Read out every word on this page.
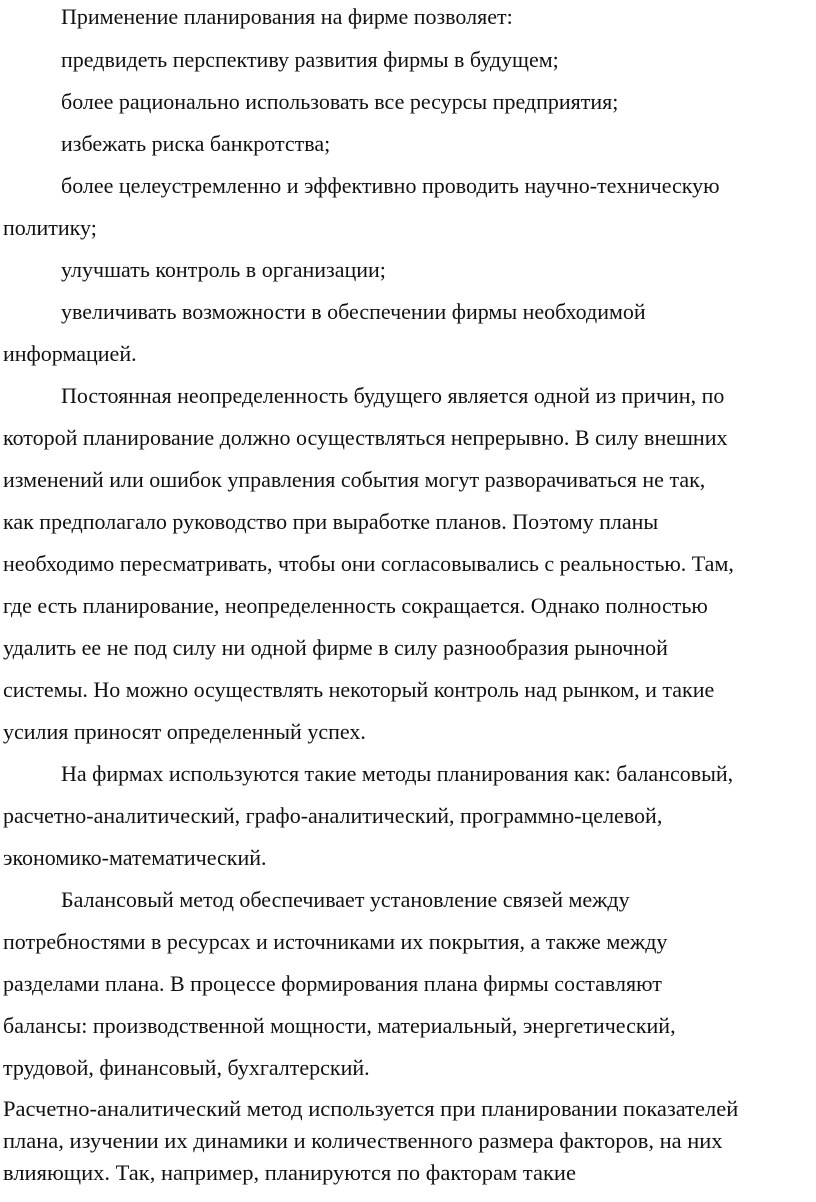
Применение планирования на фирме позволяет:
предвидеть перспективу развития фирмы в будущем;
более рационально использовать все ресурсы предприятия;
избежать риска банкротства;
более целеустремленно и эффективно проводить научно-техническую
политику;
улучшать контроль в организации;
увеличивать возможности в обеспечении фирмы необходимой
информацией.
Постоянная неопределенность будущего является одной из причин, по
которой планирование должно осуществляться непрерывно. В силу внешних
изменений или ошибок управления события могут разворачиваться не так,
как предполагало руководство при выработке планов. Поэтому планы
необходимо пересматривать, чтобы они согласовывались с реальностью. Там,
где есть планирование, неопределенность сокращается. Однако полностью
удалить ее не под силу ни одной фирме в силу разнообразия рыночной
системы. Но можно осуществлять некоторый контроль над рынком, и такие
усилия приносят определенный успех.
На фирмах используются такие методы планирования как: балансовый,
расчетно-аналитический, графо-аналитический, программно-целевой,
экономико-математический.
Балансовый метод обеспечивает установление связей между
потребностями в ресурсах и источниками их покрытия, а также между
разделами плана. В процессе формирования плана фирмы составляют
балансы: производственной мощности, материальный, энергетический,
трудовой, финансовый, бухгалтерский.
Расчетно-аналитический метод используется при планировании показателей
плана, изучении их динамики и количественного размера факторов, на них
влияющих. Так, например, планируются по факторам такие
